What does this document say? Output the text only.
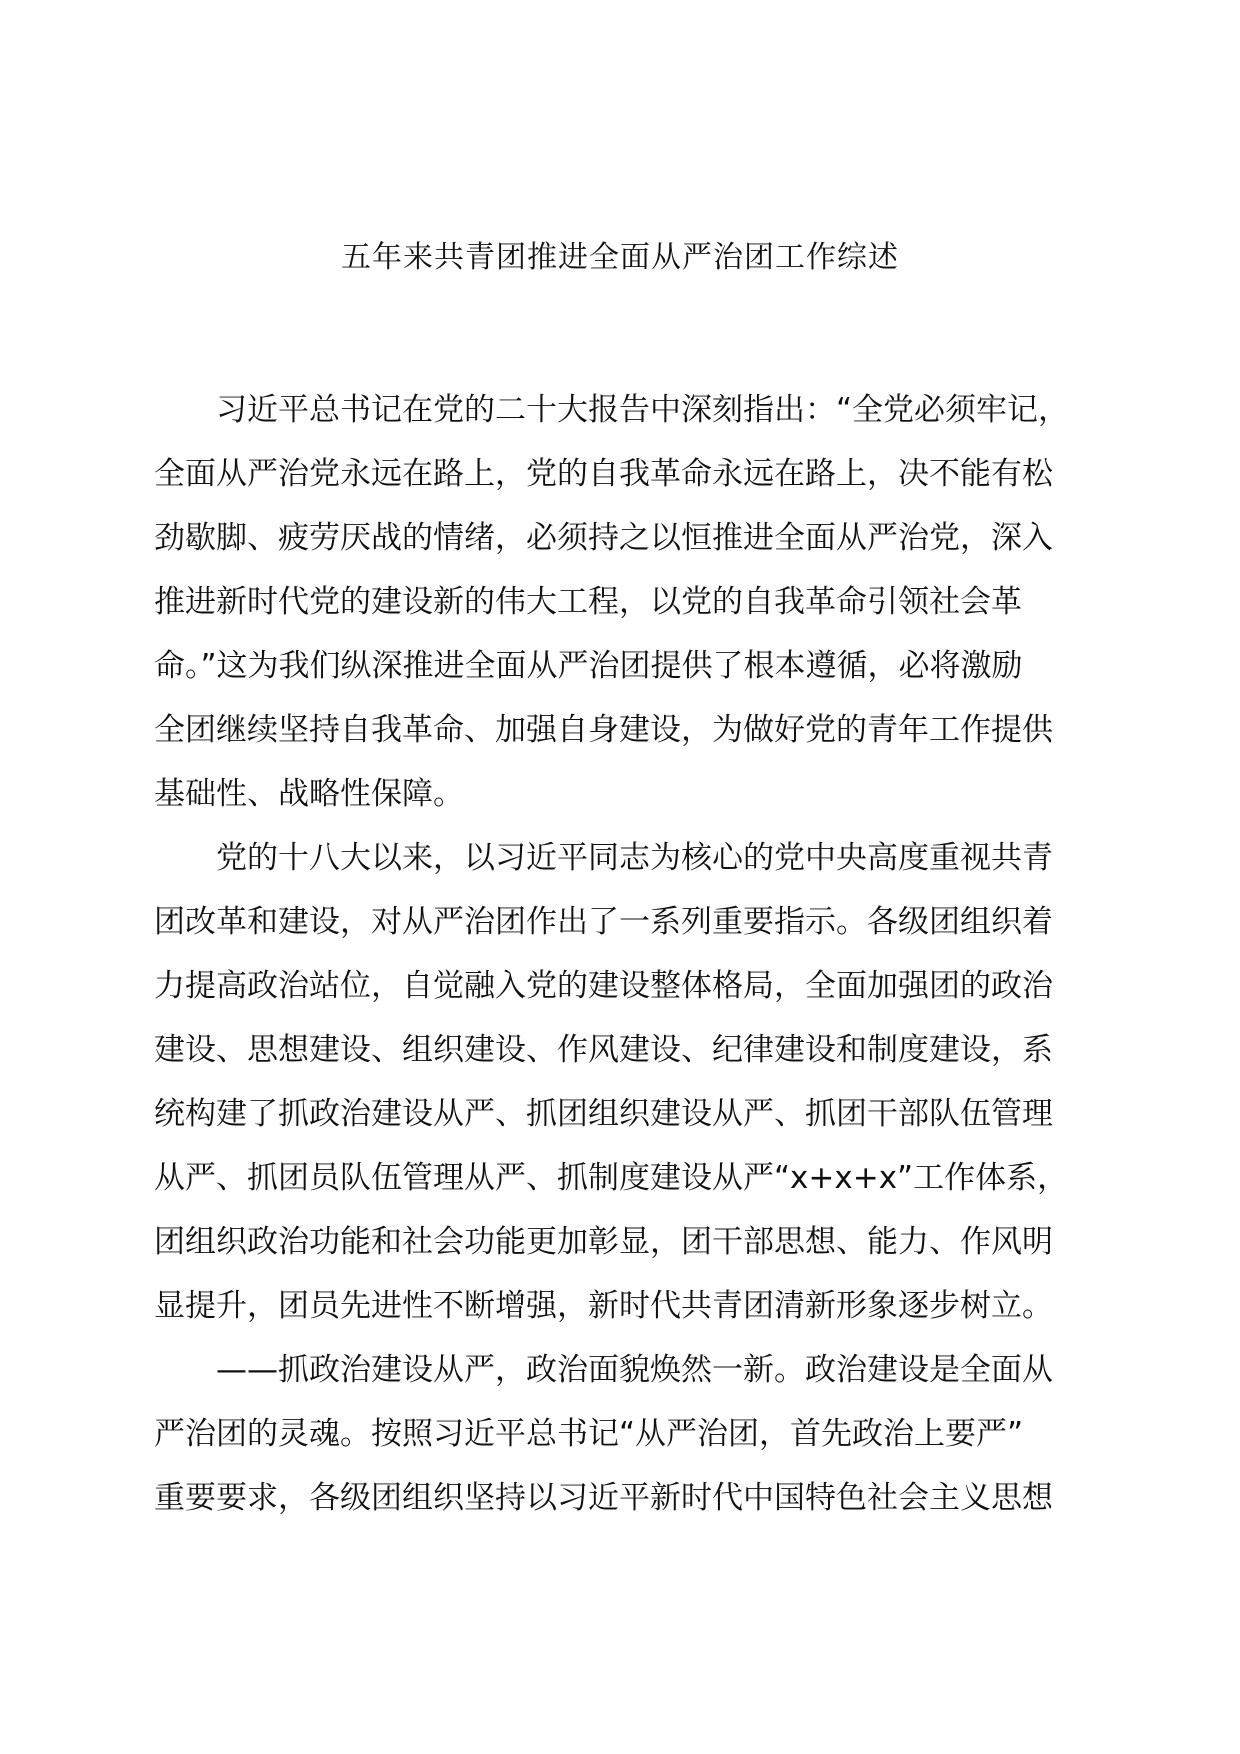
五年来共青团推进全面从严治团工作综述
习近平总书记在党的二十大报告中深刻指出：“全党必须牢记，
全面从严治党永远在路上，党的自我革命永远在路上，决不能有松
劲歇脚、疲劳厌战的情绪，必须持之以恒推进全面从严治党，深入
推进新时代党的建设新的伟大工程，以党的自我革命引领社会革
命。”这为我们纵深推进全面从严治团提供了根本遵循，必将激励
全团继续坚持自我革命、加强自身建设，为做好党的青年工作提供
基础性、战略性保障。
党的十八大以来，以习近平同志为核心的党中央高度重视共青
团改革和建设，对从严治团作出了一系列重要指示。各级团组织着
力提高政治站位，自觉融入党的建设整体格局，全面加强团的政治
建设、思想建设、组织建设、作风建设、纪律建设和制度建设，系
统构建了抓政治建设从严、抓团组织建设从严、抓团干部队伍管理
从严、抓团员队伍管理从严、抓制度建设从严“x+x+x”工作体系，
团组织政治功能和社会功能更加彰显，团干部思想、能力、作风明
显提升，团员先进性不断增强，新时代共青团清新形象逐步树立。
——抓政治建设从严，政治面貌焕然一新。政治建设是全面从
严治团的灵魂。按照习近平总书记“从严治团，首先政治上要严”
重要要求，各级团组织坚持以习近平新时代中国特色社会主义思想
